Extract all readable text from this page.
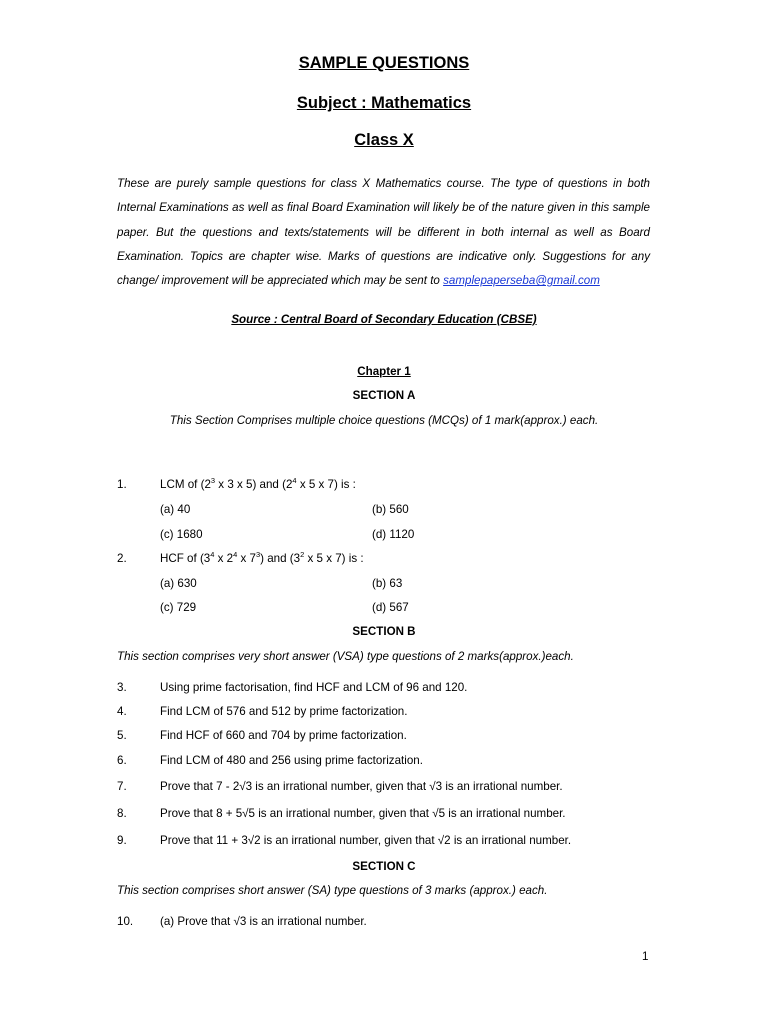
SAMPLE QUESTIONS
Subject : Mathematics
Class X
These are purely sample questions for class X Mathematics course. The type of questions in both Internal Examinations as well as final Board Examination will likely be of the nature given in this sample paper. But the questions and texts/statements will be different in both internal as well as Board Examination. Topics are chapter wise. Marks of questions are indicative only. Suggestions for any change/ improvement will be appreciated which may be sent to samplepaperseba@gmail.com
Source : Central Board of Secondary Education (CBSE)
Chapter 1
SECTION A
This Section Comprises multiple choice questions (MCQs) of 1 mark(approx.) each.
1.	LCM of ($2^3$ x 3 x 5) and ($2^4$ x 5 x 7) is :
(a) 40	(b) 560
(c) 1680	(d) 1120
2.	HCF of ($3^4$ x $2^4$ x $7^3$) and ($3^2$ x 5 x 7) is :
(a) 630	(b) 63
(c) 729	(d) 567
SECTION B
This section comprises very short answer (VSA) type questions of 2 marks(approx.)each.
3.	Using prime factorisation, find HCF and LCM of 96 and 120.
4.	Find LCM of 576 and 512 by prime factorization.
5.	Find HCF of 660 and 704 by prime factorization.
6.	Find LCM of 480 and 256 using prime factorization.
7.	Prove that 7 - 2√3 is an irrational number, given that √3 is an irrational number.
8.	Prove that 8 + 5√5 is an irrational number, given that √5 is an irrational number.
9.	Prove that 11 + 3√2 is an irrational number, given that √2 is an irrational number.
SECTION C
This section comprises short answer (SA) type questions of 3 marks (approx.) each.
10. (a) Prove that √3 is an irrational number.
1
